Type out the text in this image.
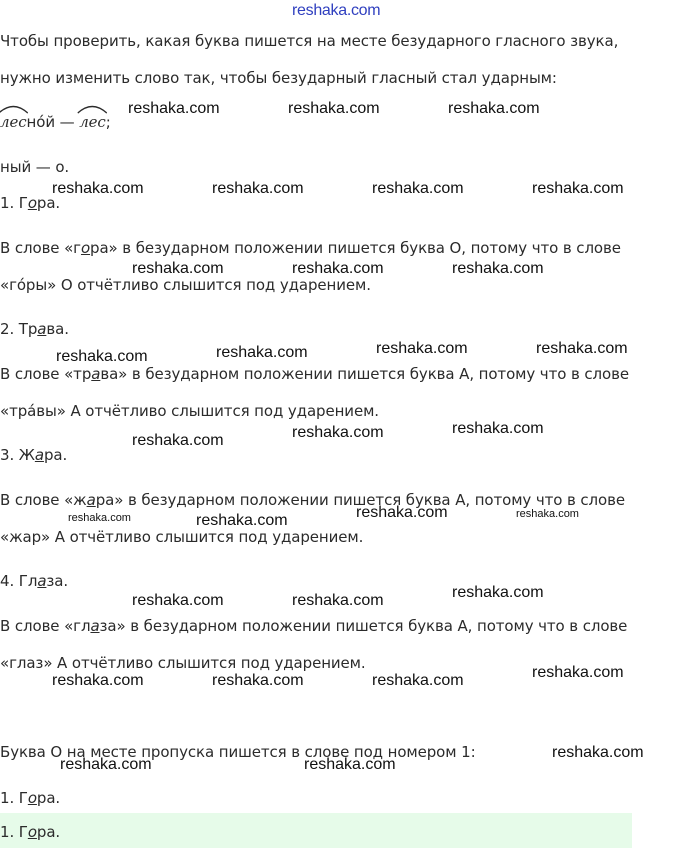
reshaka.com
Чтобы проверить, какая буква пишется на месте безударного гласного звука,
нужно изменить слово так, чтобы безударный гласный стал ударным:
лесно́й —
лес;
ный — о.
1. Гора.
В слове «гора» в безударном положении пишется буква О, потому что в слове
«го́ры» О отчётливо слышится под ударением.
2. Трава.
В слове «трава» в безударном положении пишется буква А, потому что в слове
«тра́вы» А отчётливо слышится под ударением.
3. Жара.
В слове «жара» в безударном положении пишется буква А, потому что в слове
«жар» А отчётливо слышится под ударением.
4. Глаза.
В слове «глаза» в безударном положении пишется буква А, потому что в слове
«глаз» А отчётливо слышится под ударением.
Буква О на месте пропуска пишется в слове под номером 1:
1. Гора.
1. Гора.
reshaka.com	reshaka.com	reshaka.com
reshaka.com	reshaka.com	reshaka.com	reshaka.com
reshaka.com	reshaka.com	reshaka.com
reshaka.com	reshaka.com	reshaka.com	reshaka.com
reshaka.com	reshaka.com	reshaka.com
reshaka.com	reshaka.com	reshaka.com	reshaka.com
reshaka.com	reshaka.com	reshaka.com
reshaka.com	reshaka.com	reshaka.com	reshaka.com
reshaka.com
reshaka.com	reshaka.com
